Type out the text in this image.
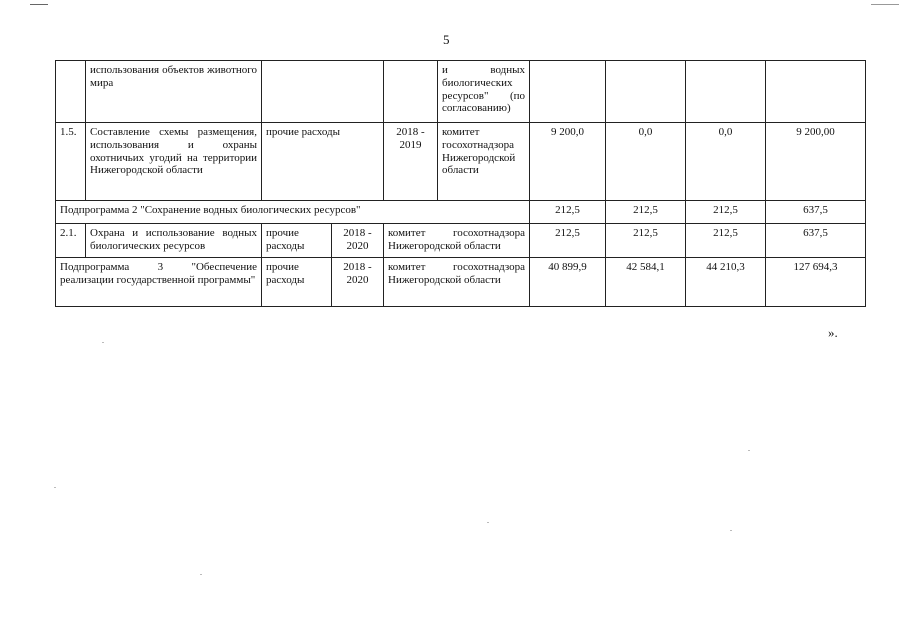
5
	использования объектов животного мира				и водных биологических ресурсов" (по согласованию)				
1.5.	Составление схемы размещения, использования и охраны охотничьих угодий на территории Нижегородской области	прочие расходы		2018 - 2019	комитет госохотнадзора Нижегородской области	9 200,0	0,0	0,0	9 200,00
Подпрограмма 2 "Сохранение водных биологических ресурсов"						212,5	212,5	212,5	637,5
2.1.	Охрана и использование водных биологических ресурсов	прочие расходы	2018 - 2020	комитет госохотнадзора Нижегородской области		212,5	212,5	212,5	637,5
Подпрограмма 3 "Обеспечение реализации государственной программы"		прочие расходы	2018 - 2020	комитет госохотнадзора Нижегородской области		40 899,9	42 584,1	44 210,3	127 694,3
».
